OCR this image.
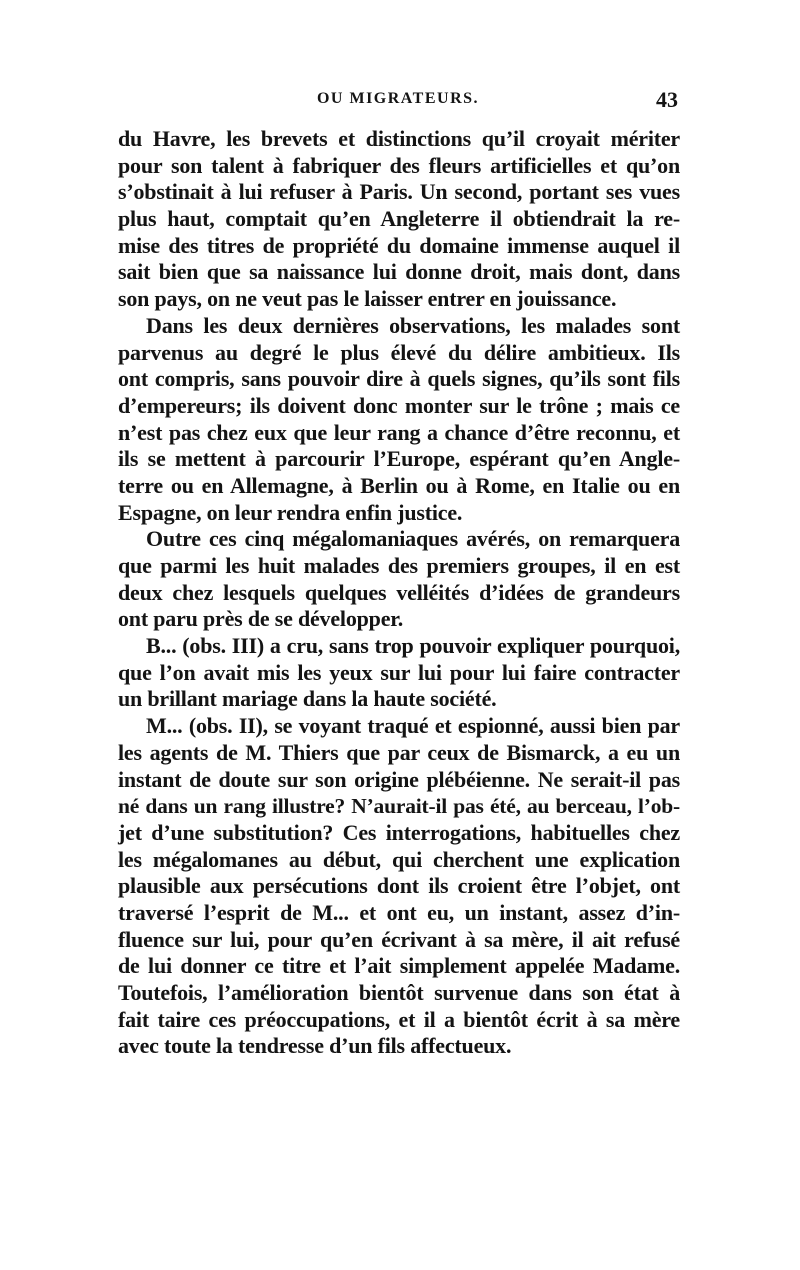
OU MIGRATEURS.	43
du Havre, les brevets et distinctions qu’il croyait mériter
pour son talent à fabriquer des fleurs artificielles et qu’on
s’obstinait à lui refuser à Paris. Un second, portant ses vues
plus haut, comptait qu’en Angleterre il obtiendrait la re-
mise des titres de propriété du domaine immense auquel il
sait bien que sa naissance lui donne droit, mais dont, dans
son pays, on ne veut pas le laisser entrer en jouissance.
Dans les deux dernières observations, les malades sont
parvenus au degré le plus élevé du délire ambitieux. Ils
ont compris, sans pouvoir dire à quels signes, qu’ils sont fils
d’empereurs; ils doivent donc monter sur le trône ; mais ce
n’est pas chez eux que leur rang a chance d’être reconnu, et
ils se mettent à parcourir l’Europe, espérant qu’en Angle-
terre ou en Allemagne, à Berlin ou à Rome, en Italie ou en
Espagne, on leur rendra enfin justice.
Outre ces cinq mégalomaniaques avérés, on remarquera
que parmi les huit malades des premiers groupes, il en est
deux chez lesquels quelques velléités d’idées de grandeurs
ont paru près de se développer.
B... (obs. III) a cru, sans trop pouvoir expliquer pourquoi,
que l’on avait mis les yeux sur lui pour lui faire contracter
un brillant mariage dans la haute société.
M... (obs. II), se voyant traqué et espionné, aussi bien par
les agents de M. Thiers que par ceux de Bismarck, a eu un
instant de doute sur son origine plébéienne. Ne serait-il pas
né dans un rang illustre? N’aurait-il pas été, au berceau, l’ob-
jet d’une substitution? Ces interrogations, habituelles chez
les mégalomanes au début, qui cherchent une explication
plausible aux persécutions dont ils croient être l’objet, ont
traversé l’esprit de M... et ont eu, un instant, assez d’in-
fluence sur lui, pour qu’en écrivant à sa mère, il ait refusé
de lui donner ce titre et l’ait simplement appelée Madame.
Toutefois, l’amélioration bientôt survenue dans son état à
fait taire ces préoccupations, et il a bientôt écrit à sa mère
avec toute la tendresse d’un fils affectueux.
